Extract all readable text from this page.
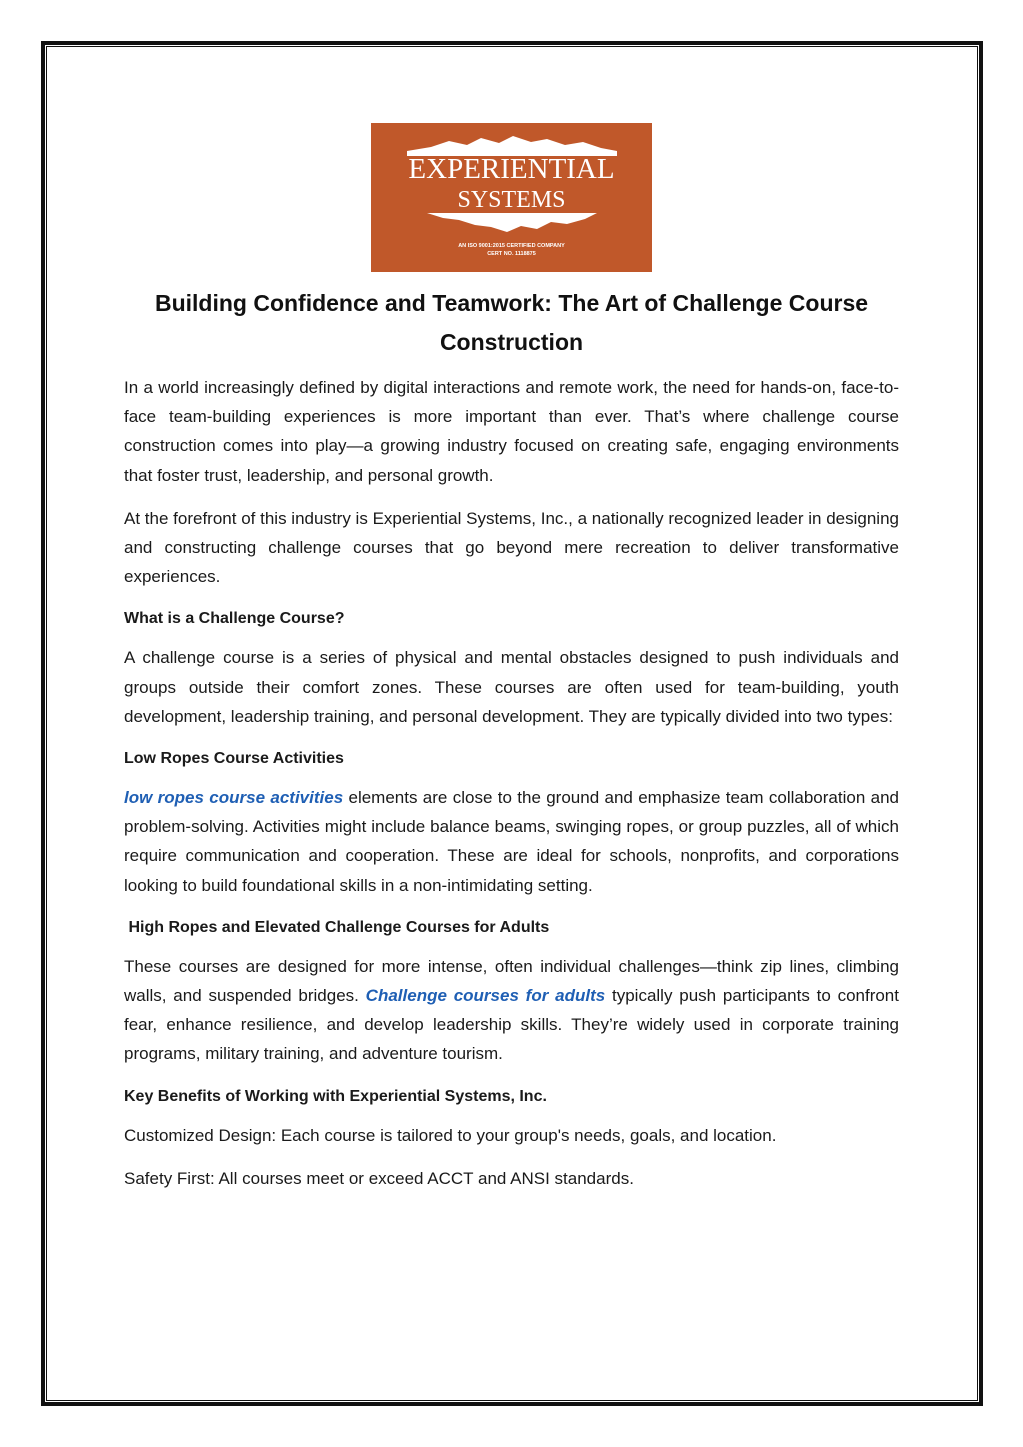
EXPERIENTIAL
SYSTEMS
AN ISO 9001:2015 CERTIFIED COMPANY
CERT NO. 1118875
Building Confidence and Teamwork: The Art of Challenge Course Construction

In a world increasingly defined by digital interactions and remote work, the need for hands-on, face-to-face team-building experiences is more important than ever. That’s where challenge course construction comes into play—a growing industry focused on creating safe, engaging environments that foster trust, leadership, and personal growth.

At the forefront of this industry is Experiential Systems, Inc., a nationally recognized leader in designing and constructing challenge courses that go beyond mere recreation to deliver transformative experiences.

What is a Challenge Course?

A challenge course is a series of physical and mental obstacles designed to push individuals and groups outside their comfort zones. These courses are often used for team-building, youth development, leadership training, and personal development. They are typically divided into two types:

Low Ropes Course Activities

low ropes course activities elements are close to the ground and emphasize team collaboration and problem-solving. Activities might include balance beams, swinging ropes, or group puzzles, all of which require communication and cooperation. These are ideal for schools, nonprofits, and corporations looking to build foundational skills in a non-intimidating setting.

High Ropes and Elevated Challenge Courses for Adults

These courses are designed for more intense, often individual challenges—think zip lines, climbing walls, and suspended bridges. Challenge courses for adults typically push participants to confront fear, enhance resilience, and develop leadership skills. They’re widely used in corporate training programs, military training, and adventure tourism.

Key Benefits of Working with Experiential Systems, Inc.

Customized Design: Each course is tailored to your group's needs, goals, and location.

Safety First: All courses meet or exceed ACCT and ANSI standards.
